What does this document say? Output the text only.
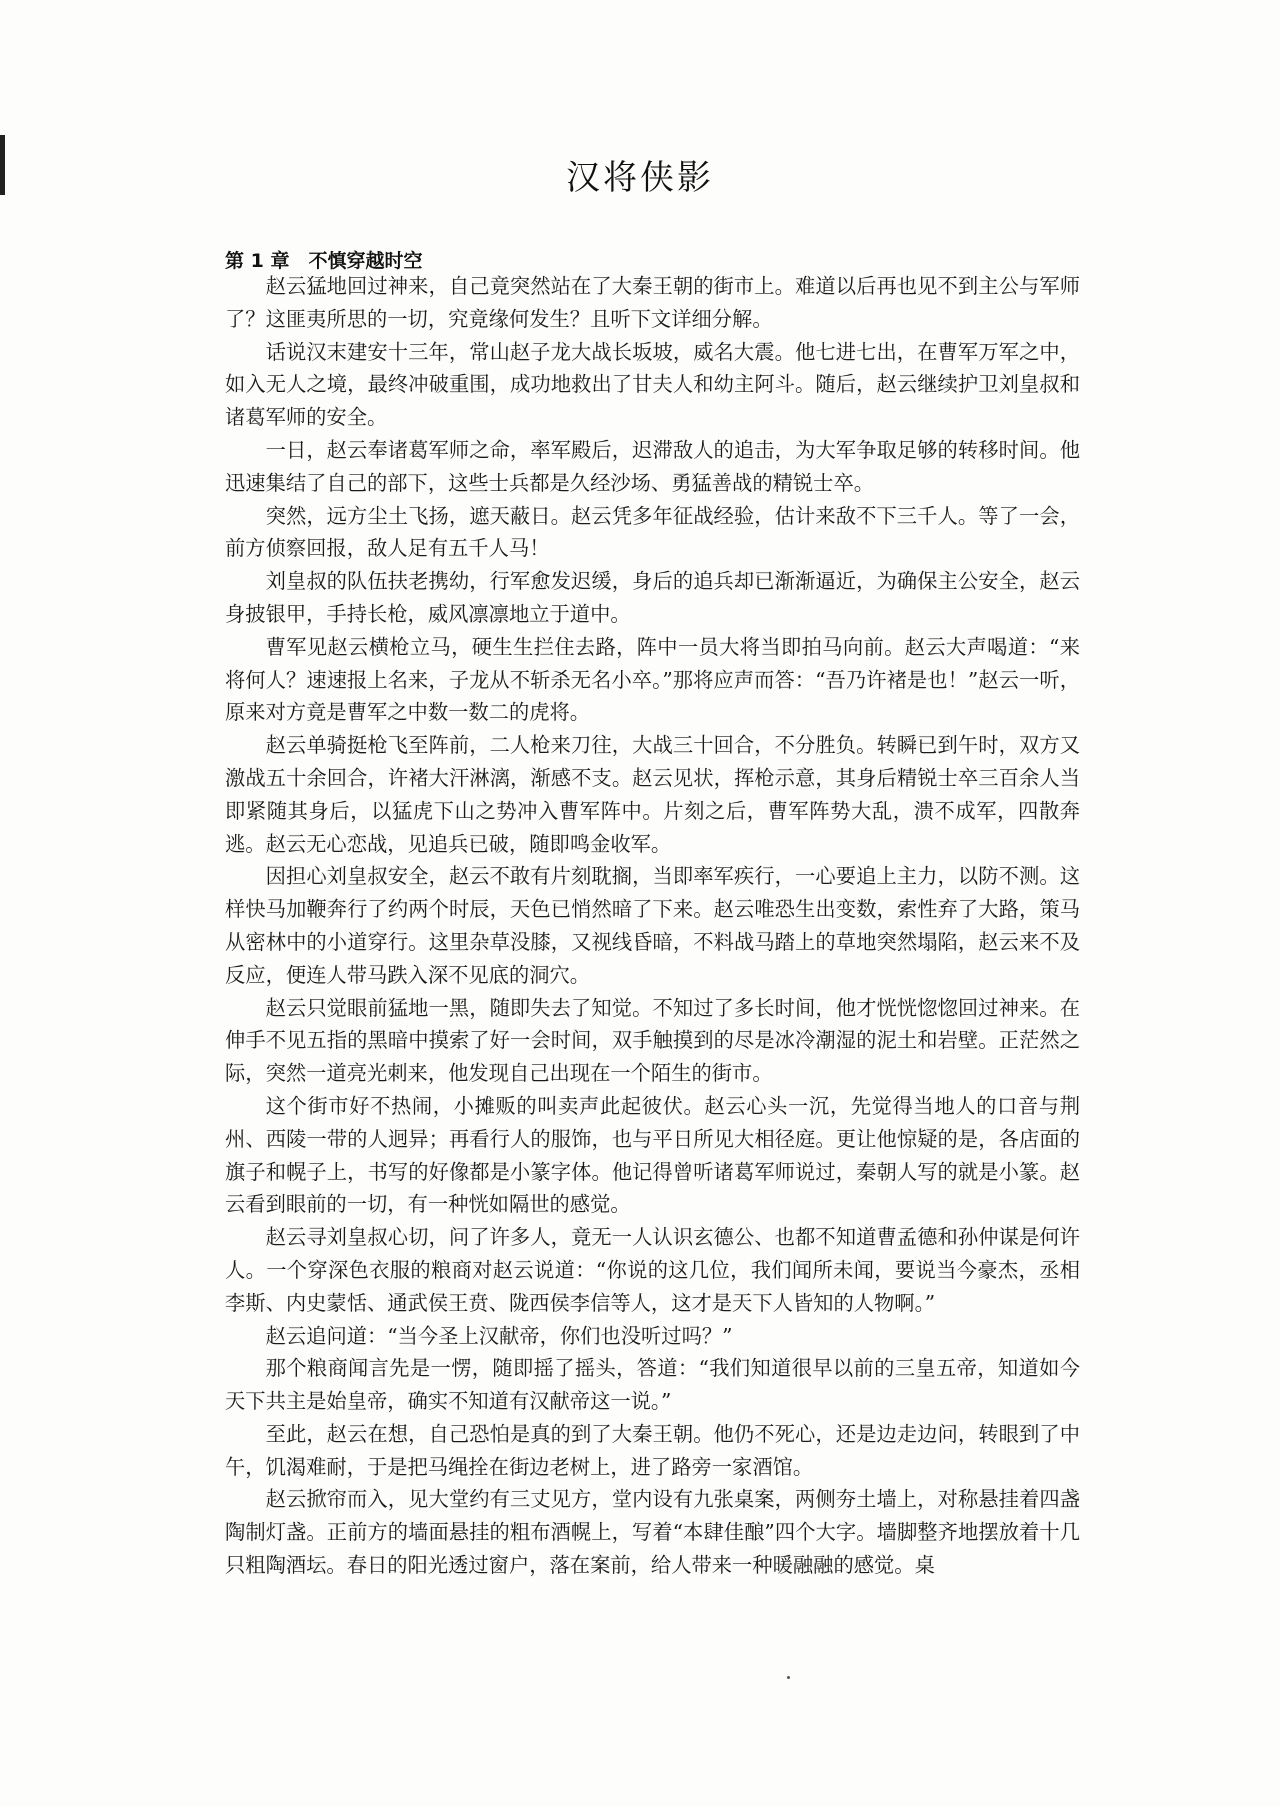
汉将侠影
第 1 章　不慎穿越时空

赵云猛地回过神来，自己竟突然站在了大秦王朝的街市上。难道以后再也见不到主公与军师了？这匪夷所思的一切，究竟缘何发生？且听下文详细分解。

话说汉末建安十三年，常山赵子龙大战长坂坡，威名大震。他七进七出，在曹军万军之中，如入无人之境，最终冲破重围，成功地救出了甘夫人和幼主阿斗。随后，赵云继续护卫刘皇叔和诸葛军师的安全。

一日，赵云奉诸葛军师之命，率军殿后，迟滞敌人的追击，为大军争取足够的转移时间。他迅速集结了自己的部下，这些士兵都是久经沙场、勇猛善战的精锐士卒。

突然，远方尘土飞扬，遮天蔽日。赵云凭多年征战经验，估计来敌不下三千人。等了一会，前方侦察回报，敌人足有五千人马！

刘皇叔的队伍扶老携幼，行军愈发迟缓，身后的追兵却已渐渐逼近，为确保主公安全，赵云身披银甲，手持长枪，威风凛凛地立于道中。

曹军见赵云横枪立马，硬生生拦住去路，阵中一员大将当即拍马向前。赵云大声喝道：“来将何人？速速报上名来，子龙从不斩杀无名小卒。”那将应声而答：“吾乃许褚是也！”赵云一听，原来对方竟是曹军之中数一数二的虎将。

赵云单骑挺枪飞至阵前，二人枪来刀往，大战三十回合，不分胜负。转瞬已到午时，双方又激战五十余回合，许褚大汗淋漓，渐感不支。赵云见状，挥枪示意，其身后精锐士卒三百余人当即紧随其身后，以猛虎下山之势冲入曹军阵中。片刻之后，曹军阵势大乱，溃不成军，四散奔逃。赵云无心恋战，见追兵已破，随即鸣金收军。

因担心刘皇叔安全，赵云不敢有片刻耽搁，当即率军疾行，一心要追上主力，以防不测。这样快马加鞭奔行了约两个时辰，天色已悄然暗了下来。赵云唯恐生出变数，索性弃了大路，策马从密林中的小道穿行。这里杂草没膝，又视线昏暗，不料战马踏上的草地突然塌陷，赵云来不及反应，便连人带马跌入深不见底的洞穴。

赵云只觉眼前猛地一黑，随即失去了知觉。不知过了多长时间，他才恍恍惚惚回过神来。在伸手不见五指的黑暗中摸索了好一会时间，双手触摸到的尽是冰冷潮湿的泥土和岩壁。正茫然之际，突然一道亮光刺来，他发现自己出现在一个陌生的街市。

这个街市好不热闹，小摊贩的叫卖声此起彼伏。赵云心头一沉，先觉得当地人的口音与荆州、西陵一带的人迥异；再看行人的服饰，也与平日所见大相径庭。更让他惊疑的是，各店面的旗子和幌子上，书写的好像都是小篆字体。他记得曾听诸葛军师说过，秦朝人写的就是小篆。赵云看到眼前的一切，有一种恍如隔世的感觉。

赵云寻刘皇叔心切，问了许多人，竟无一人认识玄德公、也都不知道曹孟德和孙仲谋是何许人。一个穿深色衣服的粮商对赵云说道：“你说的这几位，我们闻所未闻，要说当今豪杰，丞相李斯、内史蒙恬、通武侯王贲、陇西侯李信等人，这才是天下人皆知的人物啊。”

赵云追问道：“当今圣上汉献帝，你们也没听过吗？”

那个粮商闻言先是一愣，随即摇了摇头，答道：“我们知道很早以前的三皇五帝，知道如今天下共主是始皇帝，确实不知道有汉献帝这一说。”

至此，赵云在想，自己恐怕是真的到了大秦王朝。他仍不死心，还是边走边问，转眼到了中午，饥渴难耐，于是把马绳拴在街边老树上，进了路旁一家酒馆。

赵云掀帘而入，见大堂约有三丈见方，堂内设有九张桌案，两侧夯土墙上，对称悬挂着四盏陶制灯盏。正前方的墙面悬挂的粗布酒幌上，写着“本肆佳酿”四个大字。墙脚整齐地摆放着十几只粗陶酒坛。春日的阳光透过窗户，落在案前，给人带来一种暖融融的感觉。桌
